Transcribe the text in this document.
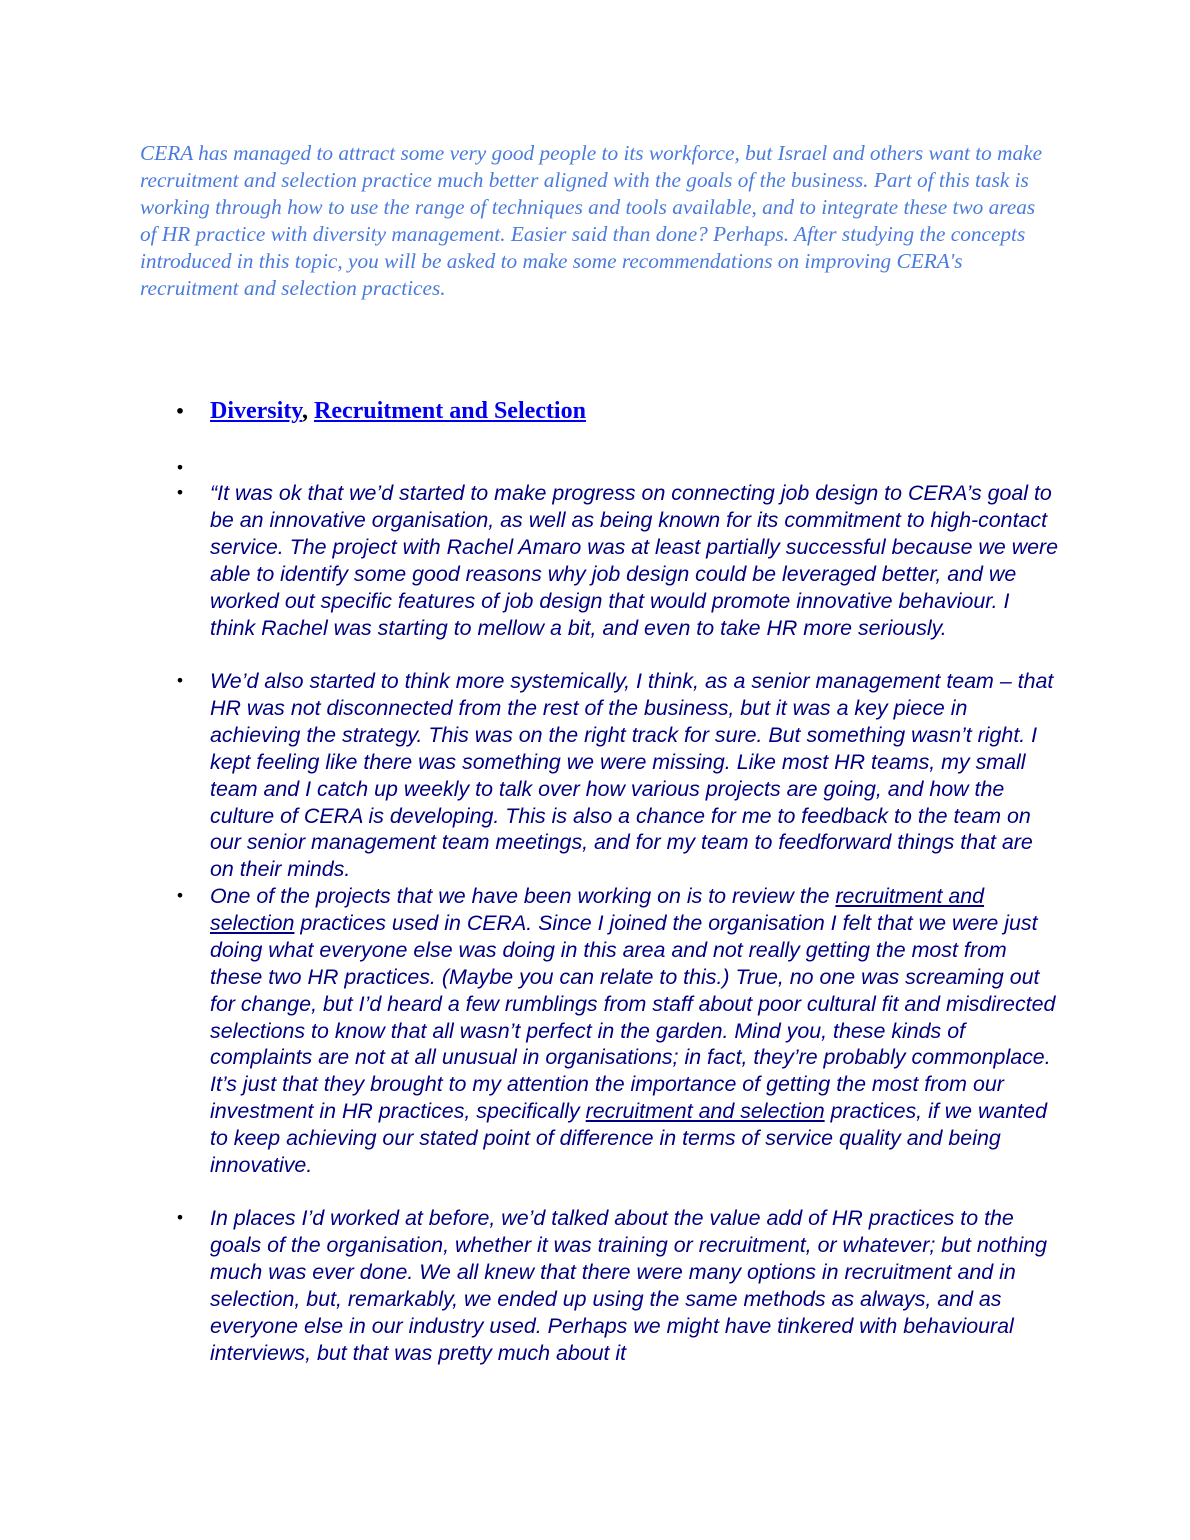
CERA has managed to attract some very good people to its workforce, but Israel and others want to make recruitment and selection practice much better aligned with the goals of the business. Part of this task is working through how to use the range of techniques and tools available, and to integrate these two areas of HR practice with diversity management. Easier said than done? Perhaps. After studying the concepts introduced in this topic, you will be asked to make some recommendations on improving CERA's recruitment and selection practices.

• Diversity, Recruitment and Selection
•
• “It was ok that we’d started to make progress on connecting job design to CERA’s goal to be an innovative organisation, as well as being known for its commitment to high-contact service. The project with Rachel Amaro was at least partially successful because we were able to identify some good reasons why job design could be leveraged better, and we worked out specific features of job design that would promote innovative behaviour. I think Rachel was starting to mellow a bit, and even to take HR more seriously.
• We’d also started to think more systemically, I think, as a senior management team – that HR was not disconnected from the rest of the business, but it was a key piece in achieving the strategy. This was on the right track for sure. But something wasn’t right. I kept feeling like there was something we were missing. Like most HR teams, my small team and I catch up weekly to talk over how various projects are going, and how the culture of CERA is developing. This is also a chance for me to feedback to the team on our senior management team meetings, and for my team to feedforward things that are on their minds.
• One of the projects that we have been working on is to review the recruitment and selection practices used in CERA. Since I joined the organisation I felt that we were just doing what everyone else was doing in this area and not really getting the most from these two HR practices. (Maybe you can relate to this.) True, no one was screaming out for change, but I’d heard a few rumblings from staff about poor cultural fit and misdirected selections to know that all wasn’t perfect in the garden. Mind you, these kinds of complaints are not at all unusual in organisations; in fact, they’re probably commonplace. It’s just that they brought to my attention the importance of getting the most from our investment in HR practices, specifically recruitment and selection practices, if we wanted to keep achieving our stated point of difference in terms of service quality and being innovative.
• In places I’d worked at before, we’d talked about the value add of HR practices to the goals of the organisation, whether it was training or recruitment, or whatever; but nothing much was ever done. We all knew that there were many options in recruitment and in selection, but, remarkably, we ended up using the same methods as always, and as everyone else in our industry used. Perhaps we might have tinkered with behavioural interviews, but that was pretty much about it
